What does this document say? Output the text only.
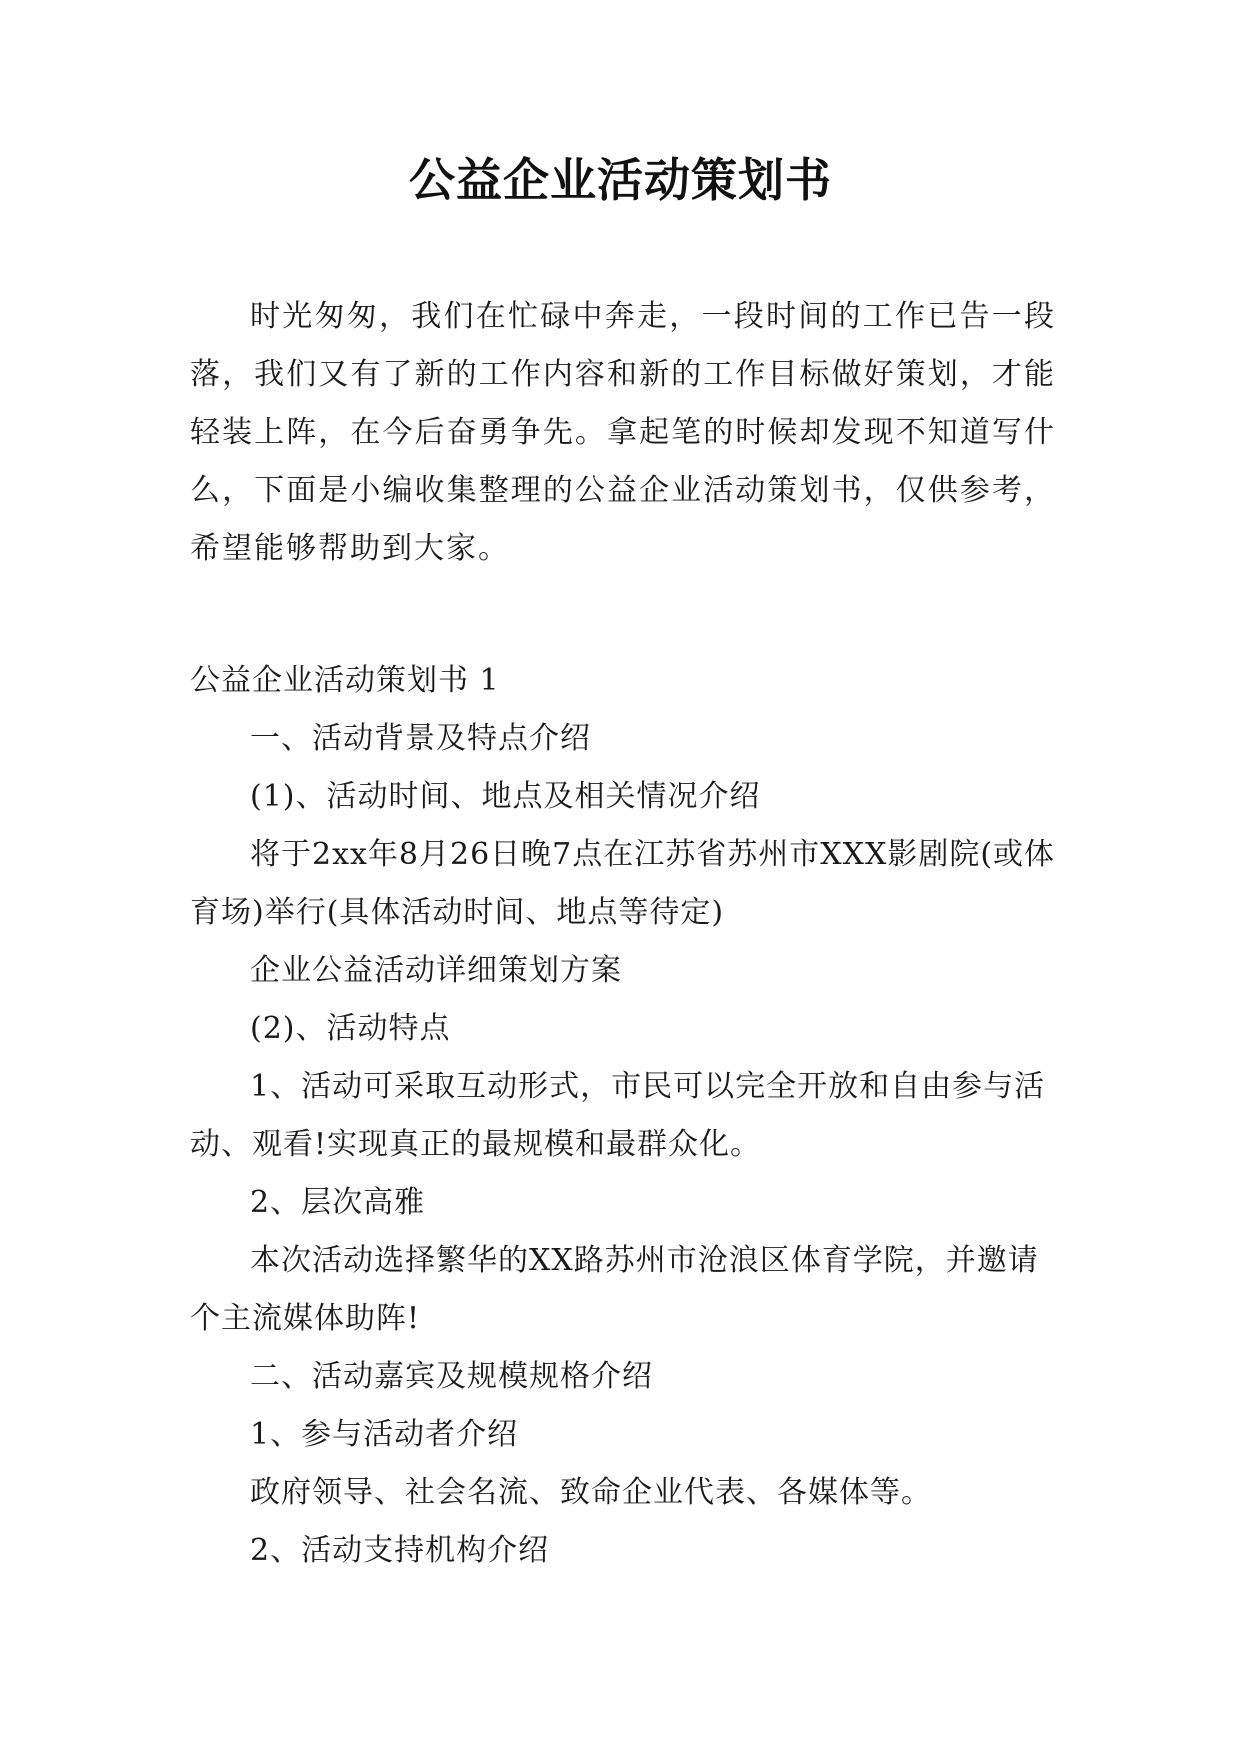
公益企业活动策划书

时光匆匆，我们在忙碌中奔走，一段时间的工作已告一段落，我们又有了新的工作内容和新的工作目标做好策划，才能轻装上阵，在今后奋勇争先。拿起笔的时候却发现不知道写什么，下面是小编收集整理的公益企业活动策划书，仅供参考，希望能够帮助到大家。

公益企业活动策划书 1

一、活动背景及特点介绍

(1)、活动时间、地点及相关情况介绍

将于2xx年8月26日晚7点在江苏省苏州市XXX影剧院(或体育场)举行(具体活动时间、地点等待定)

企业公益活动详细策划方案

(2)、活动特点

1、活动可采取互动形式，市民可以完全开放和自由参与活动、观看!实现真正的最规模和最群众化。

2、层次高雅

本次活动选择繁华的XX路苏州市沧浪区体育学院，并邀请个主流媒体助阵!

二、活动嘉宾及规模规格介绍

1、参与活动者介绍

政府领导、社会名流、致命企业代表、各媒体等。

2、活动支持机构介绍
